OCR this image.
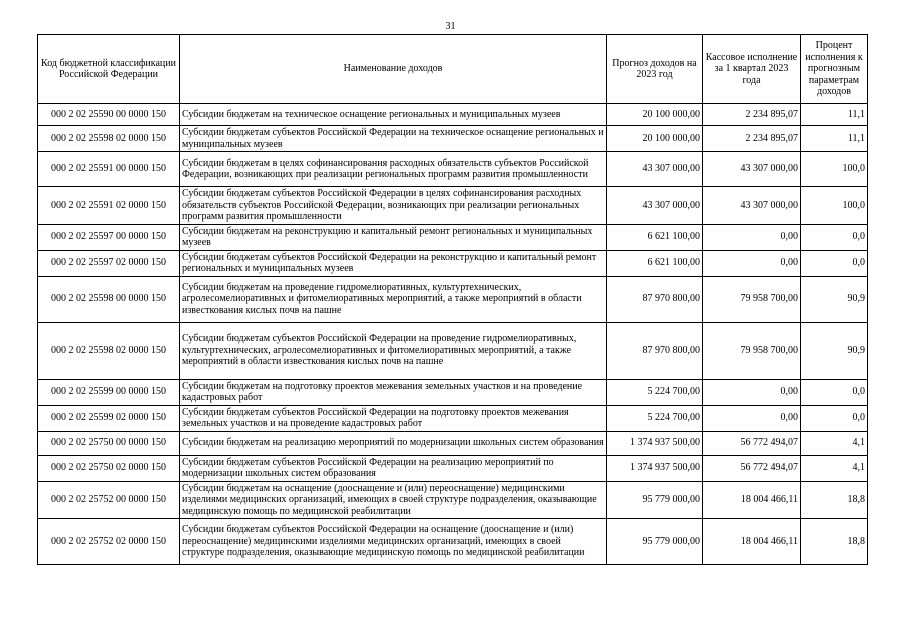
31
Код бюджетной классификации Российской Федерации	Наименование доходов	Прогноз доходов на 2023 год	Кассовое исполнение за 1 квартал 2023 года	Процент исполнения к прогнозным параметрам доходов
000 2 02 25590 00 0000 150	Субсидии бюджетам на техническое оснащение региональных и муниципальных музеев	20 100 000,00	2 234 895,07	11,1
000 2 02 25598 02 0000 150	Субсидии бюджетам субъектов Российской Федерации на техническое оснащение региональных и муниципальных музеев	20 100 000,00	2 234 895,07	11,1
000 2 02 25591 00 0000 150	Субсидии бюджетам в целях софинансирования расходных обязательств субъектов Российской Федерации, возникающих при реализации региональных программ развития промышленности	43 307 000,00	43 307 000,00	100,0
000 2 02 25591 02 0000 150	Субсидии бюджетам субъектов Российской Федерации в целях софинансирования расходных обязательств субъектов Российской Федерации, возникающих при реализации региональных программ развития промышленности	43 307 000,00	43 307 000,00	100,0
000 2 02 25597 00 0000 150	Субсидии бюджетам на реконструкцию и капитальный ремонт региональных и муниципальных музеев	6 621 100,00	0,00	0,0
000 2 02 25597 02 0000 150	Субсидии бюджетам субъектов Российской Федерации на реконструкцию и капитальный ремонт региональных и муниципальных музеев	6 621 100,00	0,00	0,0
000 2 02 25598 00 0000 150	Субсидии бюджетам на проведение гидромелиоративных, культуртехнических, агролесомелиоративных и фитомелиоративных мероприятий, а также мероприятий в области известкования кислых почв на пашне	87 970 800,00	79 958 700,00	90,9
000 2 02 25598 02 0000 150	Субсидии бюджетам субъектов Российской Федерации на проведение гидромелиоративных, культуртехнических, агролесомелиоративных и фитомелиоративных мероприятий, а также мероприятий в области известкования кислых почв на пашне	87 970 800,00	79 958 700,00	90,9
000 2 02 25599 00 0000 150	Субсидии бюджетам на подготовку проектов межевания земельных участков и на проведение кадастровых работ	5 224 700,00	0,00	0,0
000 2 02 25599 02 0000 150	Субсидии бюджетам субъектов Российской Федерации на подготовку проектов межевания земельных участков и на проведение кадастровых работ	5 224 700,00	0,00	0,0
000 2 02 25750 00 0000 150	Субсидии бюджетам на реализацию мероприятий по модернизации школьных систем образования	1 374 937 500,00	56 772 494,07	4,1
000 2 02 25750 02 0000 150	Субсидии бюджетам субъектов Российской Федерации на реализацию мероприятий по модернизации школьных систем образования	1 374 937 500,00	56 772 494,07	4,1
000 2 02 25752 00 0000 150	Субсидии бюджетам на оснащение (дооснащение и (или) переоснащение) медицинскими изделиями медицинских организаций, имеющих в своей структуре подразделения, оказывающие медицинскую помощь по медицинской реабилитации	95 779 000,00	18 004 466,11	18,8
000 2 02 25752 02 0000 150	Субсидии бюджетам субъектов Российской Федерации на оснащение (дооснащение и (или) переоснащение) медицинскими изделиями медицинских организаций, имеющих в своей структуре подразделения, оказывающие медицинскую помощь по медицинской реабилитации	95 779 000,00	18 004 466,11	18,8
